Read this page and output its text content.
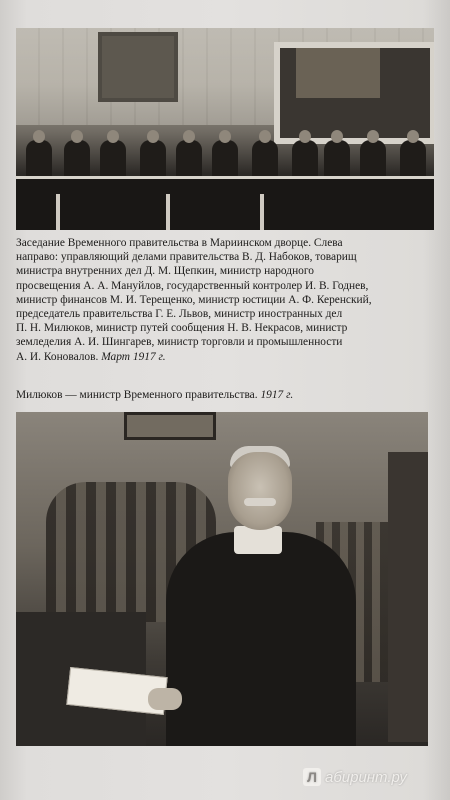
Заседание Временного правительства в Мариинском дворце. Слева
направо: управляющий делами правительства В. Д. Набоков, товарищ
министра внутренних дел Д. М. Щепкин, министр народного
просвещения А. А. Мануйлов, государственный контролер И. В. Годнев,
министр финансов М. И. Терещенко, министр юстиции А. Ф. Керенский,
председатель правительства Г. Е. Львов, министр иностранных дел
П. Н. Милюков, министр путей сообщения Н. В. Некрасов, министр
земледелия А. И. Шингарев, министр торговли и промышленности
А. И. Коновалов. Март 1917 г.
Милюков — министр Временного правительства. 1917 г.
Л абиринт.ру
